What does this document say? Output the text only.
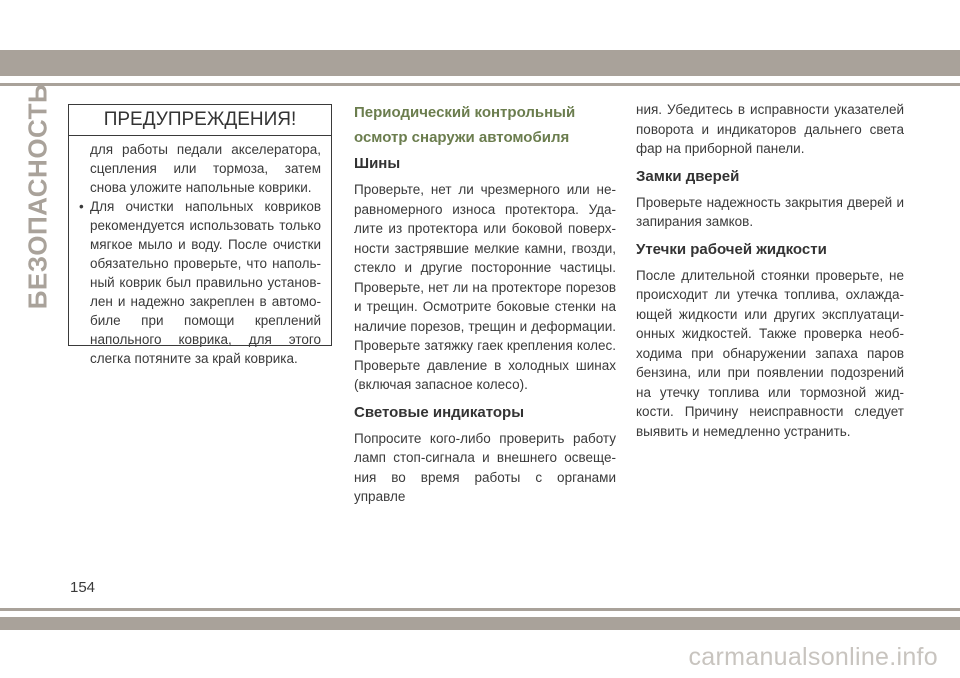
БЕЗОПАСНОСТЬ	ПРЕДУПРЕЖДЕНИЯ!

для работы педали акселератора, сцепления или тормоза, затем снова уложите напольные коврики.

• Для очистки напольных ковриков рекомендуется использовать только мягкое мыло и воду. После очистки обязательно проверьте, что напольный коврик был правильно установлен и надежно закреплен в автомобиле при помощи креплений напольного коврика, для этого слегка потяните за край коврика.

Периодический контрольный осмотр снаружи автомобиля
Шины

Проверьте, нет ли чрезмерного или неравномерного износа протектора. Удалите из протектора или боковой поверхности застрявшие мелкие камни, гвозди, стекло и другие посторонние частицы. Проверьте, нет ли на протекторе порезов и трещин. Осмотрите боковые стенки на наличие порезов, трещин и деформации. Проверьте затяжку гаек крепления колес. Проверьте давление в холодных шинах (включая запасное колесо).

Световые индикаторы

Попросите кого-либо проверить работу ламп стоп-сигнала и внешнего освещения во время работы с органами управле

ния. Убедитесь в исправности указателей поворота и индикаторов дальнего света фар на приборной панели.

Замки дверей

Проверьте надежность закрытия дверей и запирания замков.

Утечки рабочей жидкости

После длительной стоянки проверьте, не происходит ли утечка топлива, охлаждающей жидкости или других эксплуатационных жидкостей. Также проверка необходима при обнаружении запаха паров бензина, или при появлении подозрений на утечку топлива или тормозной жидкости. Причину неисправности следует выявить и немедленно устранить.

154
carmanualsonline.info
